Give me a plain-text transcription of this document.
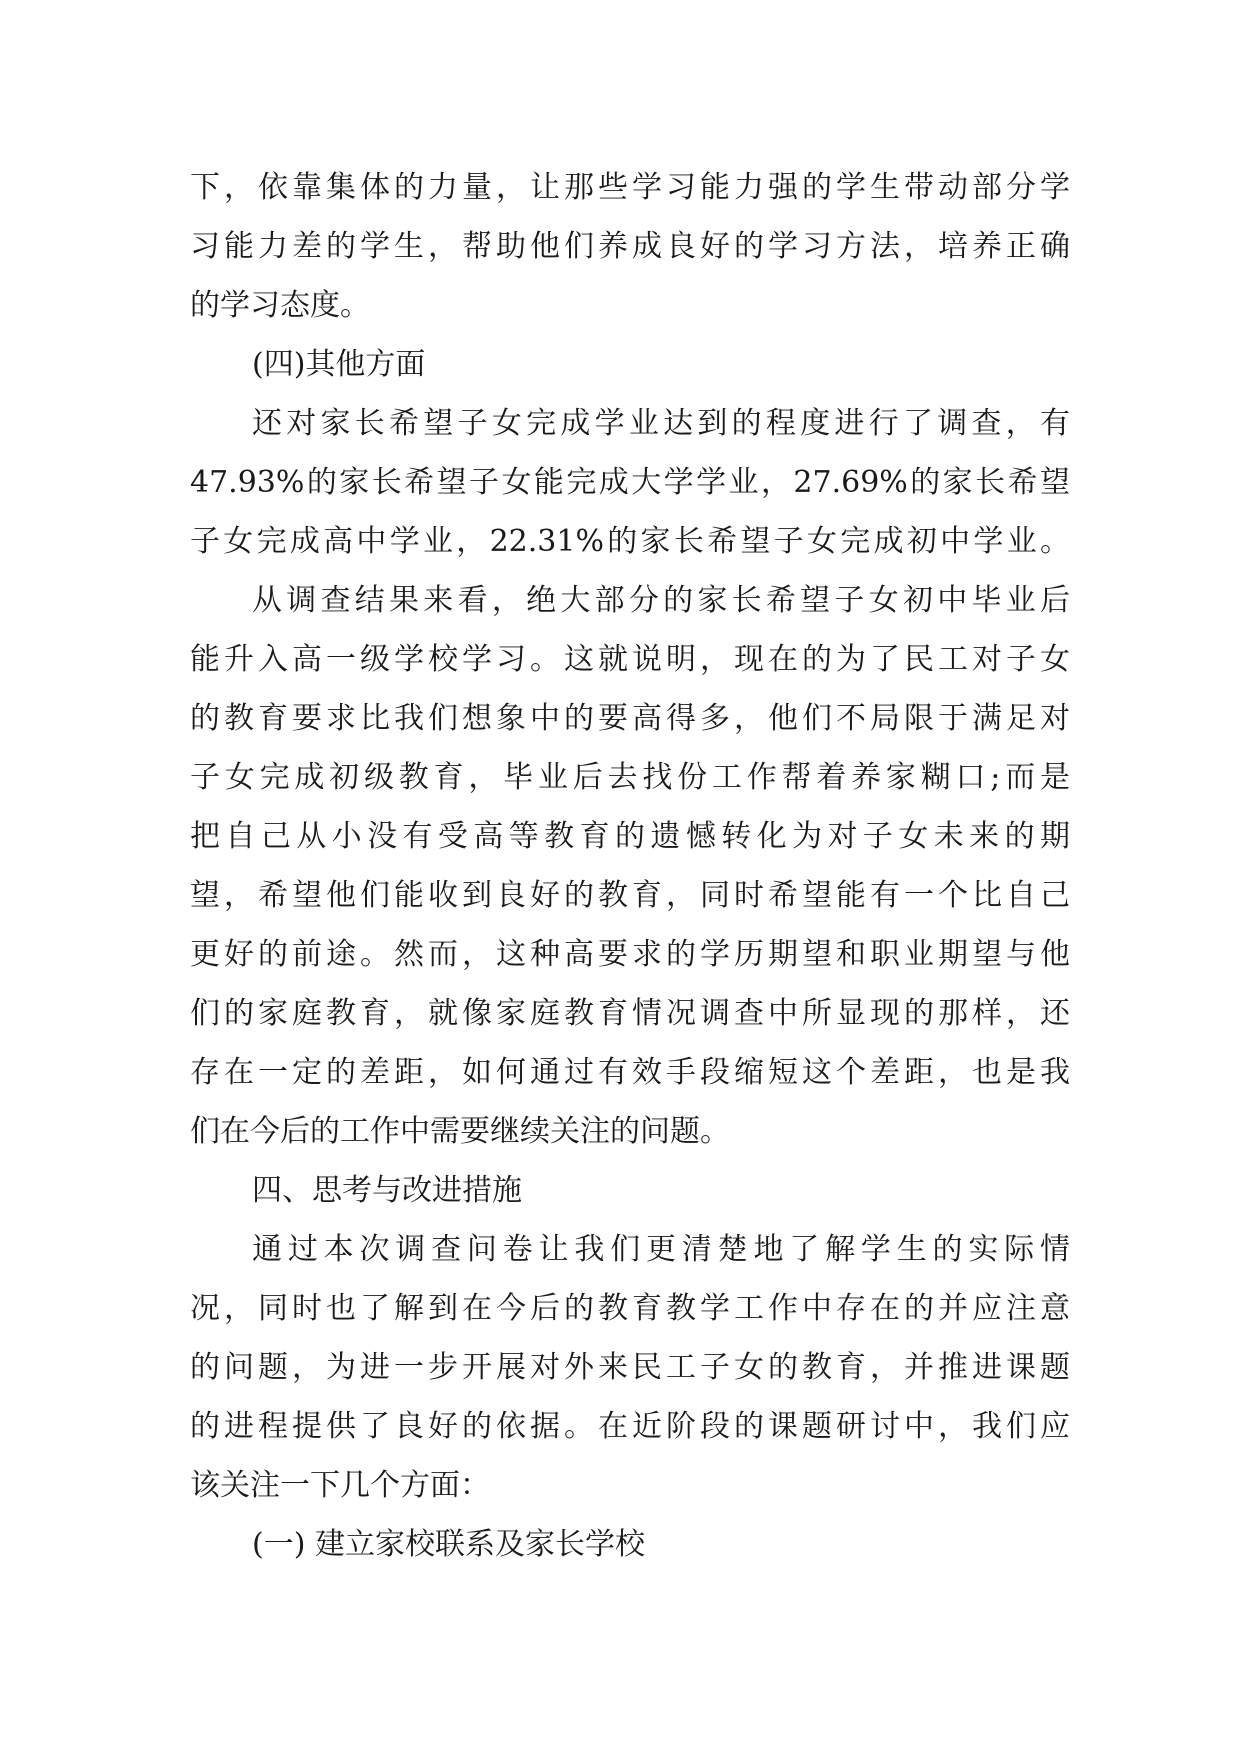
下，依靠集体的力量，让那些学习能力强的学生带动部分学
习能力差的学生，帮助他们养成良好的学习方法，培养正确
的学习态度。
(四)其他方面
还对家长希望子女完成学业达到的程度进行了调查，有
47.93%的家长希望子女能完成大学学业，27.69%的家长希望
子女完成高中学业，22.31%的家长希望子女完成初中学业。
从调查结果来看，绝大部分的家长希望子女初中毕业后
能升入高一级学校学习。这就说明，现在的为了民工对子女
的教育要求比我们想象中的要高得多，他们不局限于满足对
子女完成初级教育，毕业后去找份工作帮着养家糊口;而是
把自己从小没有受高等教育的遗憾转化为对子女未来的期
望，希望他们能收到良好的教育，同时希望能有一个比自己
更好的前途。然而，这种高要求的学历期望和职业期望与他
们的家庭教育，就像家庭教育情况调查中所显现的那样，还
存在一定的差距，如何通过有效手段缩短这个差距，也是我
们在今后的工作中需要继续关注的问题。
四、思考与改进措施
通过本次调查问卷让我们更清楚地了解学生的实际情
况，同时也了解到在今后的教育教学工作中存在的并应注意
的问题，为进一步开展对外来民工子女的教育，并推进课题
的进程提供了良好的依据。在近阶段的课题研讨中，我们应
该关注一下几个方面：
(一) 建立家校联系及家长学校
